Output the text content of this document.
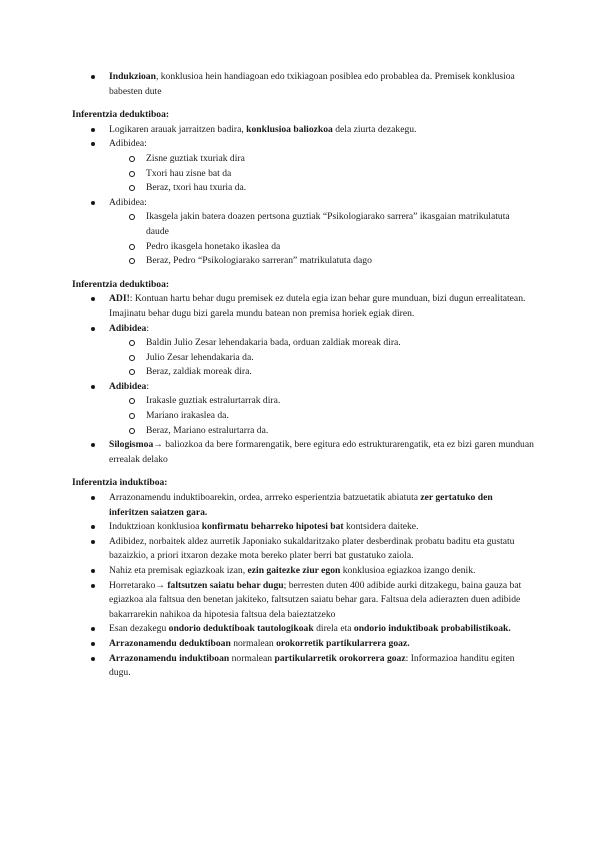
Indukzioan, konklusioa hein handiagoan edo txikiagoan posiblea edo probablea da. Premisek konklusioa babesten dute
Inferentzia deduktiboa:
Logikaren arauak jarraitzen badira, konklusioa baliozkoa dela ziurta dezakegu.
Adibidea:
Zisne guztiak txuriak dira
Txori hau zisne bat da
Beraz, txori hau txuria da.
Adibidea:
Ikasgela jakin batera doazen pertsona guztiak “Psikologiarako sarrera” ikasgaian matrikulatuta daude
Pedro ikasgela honetako ikaslea da
Beraz, Pedro “Psikologiarako sarreran” matrikulatuta dago
Inferentzia deduktiboa:
ADI!: Kontuan hartu behar dugu premisek ez dutela egia izan behar gure munduan, bizi dugun errealitatean. Imajinatu behar dugu bizi garela mundu batean non premisa horiek egiak diren.
Adibidea:
Baldin Julio Zesar lehendakaria bada, orduan zaldiak moreak dira.
Julio Zesar lehendakaria da.
Beraz, zaldiak moreak dira.
Adibidea:
Irakasle guztiak estralurtarrak dira.
Mariano irakaslea da.
Beraz, Mariano estralurtarra da.
Silogismoa→ baliozkoa da bere formarengatik, bere egitura edo estrukturarengatik, eta ez bizi garen munduan errealak delako
Inferentzia induktiboa:
Arrazonamendu induktiboarekin, ordea, arrreko esperientzia batzuetatik abiatuta zer gertatuko den inferitzen saiatzen gara.
Induktzioan konklusioa konfirmatu beharreko hipotesi bat kontsidera daiteke.
Adibidez, norbaitek aldez aurretik Japoniako sukaldaritzako plater desberdinak probatu baditu eta gustatu bazaizkio, a priori itxaron dezake mota bereko plater berri bat gustatuko zaiola.
Nahiz eta premisak egiazkoak izan, ezin gaitezke ziur egon konklusioa egiazkoa izango denik.
Horretarako→ faltsutzen saiatu behar dugu; berresten duten 400 adibide aurki ditzakegu, baina gauza bat egiazkoa ala faltsua den benetan jakiteko, faltsutzen saiatu behar gara. Faltsua dela adierazten duen adibide bakarrarekin nahikoa da hipotesia faltsua dela baieztatzeko
Esan dezakegu ondorio deduktiboak tautologikoak direla eta ondorio induktiboak probabilistikoak.
Arrazonamendu deduktiboan normalean orokorretik partikularrera goaz.
Arrazonamendu induktiboan normalean partikularretik orokorrera goaz: Informazioa handitu egiten dugu.
